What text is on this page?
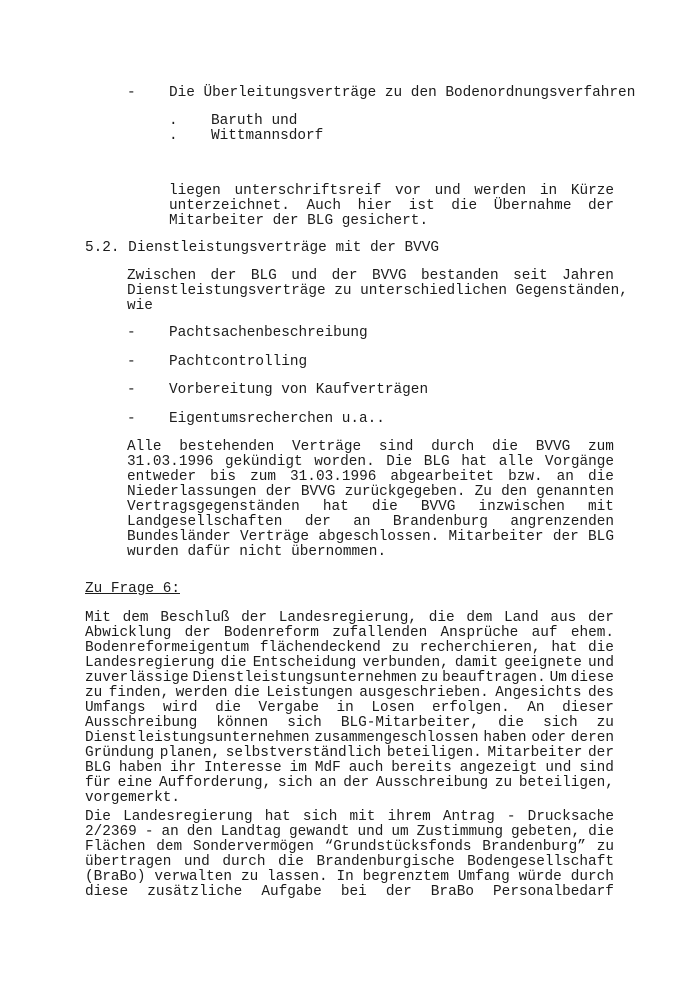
- Die Überleitungsverträge zu den Bodenordnungsverfahren
. Baruth und
. Wittmannsdorf
5.2. Dienstleistungsverträge mit der BVVG
- Pachtsachenbeschreibung
- Pachtcontrolling
- Vorbereitung von Kaufverträgen
- Eigentumsrecherchen u.a..
Zu Frage 6:
liegen unterschriftsreif vor und werden in Kürze
unterzeichnet. Auch hier ist die Übernahme der
Mitarbeiter der BLG gesichert.
Zwischen der BLG und der BVVG bestanden seit Jahren
Dienstleistungsverträge zu unterschiedlichen Gegenständen,
wie
Alle bestehenden Verträge sind durch die BVVG zum
31.03.1996 gekündigt worden. Die BLG hat alle Vorgänge
entweder bis zum 31.03.1996 abgearbeitet bzw. an die
Niederlassungen der BVVG zurückgegeben. Zu den genannten
Vertragsgegenständen hat die BVVG inzwischen mit
Landgesellschaften der an Brandenburg angrenzenden
Bundesländer Verträge abgeschlossen. Mitarbeiter der BLG
wurden dafür nicht übernommen.
Mit dem Beschluß der Landesregierung, die dem Land aus der
Abwicklung der Bodenreform zufallenden Ansprüche auf ehem.
Bodenreformeigentum flächendeckend zu recherchieren, hat die
Landesregierung die Entscheidung verbunden, damit geeignete und
zuverlässige Dienstleistungsunternehmen zu beauftragen. Um diese
zu finden, werden die Leistungen ausgeschrieben. Angesichts des
Umfangs wird die Vergabe in Losen erfolgen. An dieser
Ausschreibung können sich BLG-Mitarbeiter, die sich zu
Dienstleistungsunternehmen zusammengeschlossen haben oder deren
Gründung planen, selbstverständlich beteiligen. Mitarbeiter der
BLG haben ihr Interesse im MdF auch bereits angezeigt und sind
für eine Aufforderung, sich an der Ausschreibung zu beteiligen,
vorgemerkt.
Die Landesregierung hat sich mit ihrem Antrag - Drucksache
2/2369 - an den Landtag gewandt und um Zustimmung gebeten, die
Flächen dem Sondervermögen “Grundstücksfonds Brandenburg” zu
übertragen und durch die Brandenburgische Bodengesellschaft
(BraBo) verwalten zu lassen. In begrenztem Umfang würde durch
diese zusätzliche Aufgabe bei der BraBo Personalbedarf
